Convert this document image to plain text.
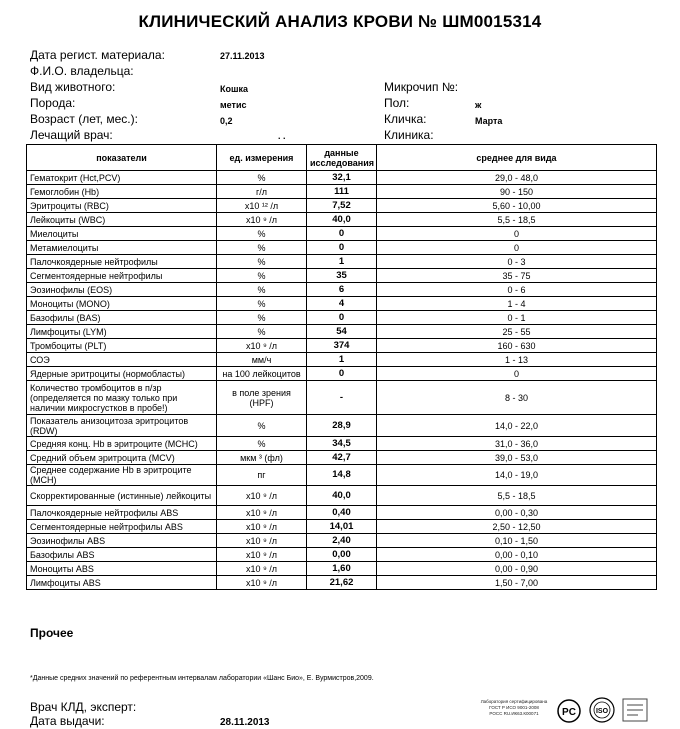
КЛИНИЧЕСКИЙ АНАЛИЗ КРОВИ № ШМ0015314
Дата регист. материала:	27.11.2013
Ф.И.О. владельца:
Вид животного:	Кошка
Порода:	метис
Возраст (лет, мес.):	0,2
Лечащий врач:	. .
Микрочип №:
Пол:	ж
Кличка:	Марта
Клиника:
показатели	ед. измерения	данные исследования	среднее для вида
Гематокрит (Hct,PCV)	%	32,1	29,0 - 48,0
Гемоглобин (Hb)	г/л	111	90 - 150
Эритроциты (RBC)	x10 ¹² /л	7,52	5,60 - 10,00
Лейкоциты (WBC)	x10 ⁹ /л	40,0	5,5 - 18,5
Миелоциты	%	0	0
Метамиелоциты	%	0	0
Палочкоядерные нейтрофилы	%	1	0 - 3
Сегментоядерные нейтрофилы	%	35	35 - 75
Эозинофилы (EOS)	%	6	0 - 6
Моноциты (MONO)	%	4	1 - 4
Базофилы (BAS)	%	0	0 - 1
Лимфоциты (LYM)	%	54	25 - 55
Тромбоциты (PLT)	x10 ⁹ /л	374	160 - 630
СОЭ	мм/ч	1	1 - 13
Ядерные эритроциты (нормобласты)	на 100 лейкоцитов	0	0
Количество тромбоцитов в п/зр (определяется по мазку только при наличии микросгустков в пробе!)	в поле зрения (HPF)	-	8 - 30
Показатель анизоцитоза эритроцитов (RDW)	%	28,9	14,0 - 22,0
Средняя конц. Hb в эритроците (MCHC)	%	34,5	31,0 - 36,0
Средний объем эритроцита (MCV)	мкм ³ (фл)	42,7	39,0 - 53,0
Среднее содержание Hb в эритроците (MCH)	пг	14,8	14,0 - 19,0
Скорректированные (истинные) лейкоциты	x10 ⁹ /л	40,0	5,5 - 18,5
Палочкоядерные нейтрофилы ABS	x10 ⁹ /л	0,40	0,00 - 0,30
Сегментоядерные нейтрофилы ABS	x10 ⁹ /л	14,01	2,50 - 12,50
Эозинофилы ABS	x10 ⁹ /л	2,40	0,10 - 1,50
Базофилы ABS	x10 ⁹ /л	0,00	0,00 - 0,10
Моноциты ABS	x10 ⁹ /л	1,60	0,00 - 0,90
Лимфоциты ABS	x10 ⁹ /л	21,62	1,50 - 7,00
Прочее
*Данные средних значений по референтным интервалам лаборатории «Шанс Био», Е. Вурмистров,2009.
Врач КЛД, эксперт:
Дата выдачи:	28.11.2013
Лаборатория сертифицирована
ГОСТ Р ИСО 9001-2008
РОСС RU.ИК63.К00071	PC	ISO
